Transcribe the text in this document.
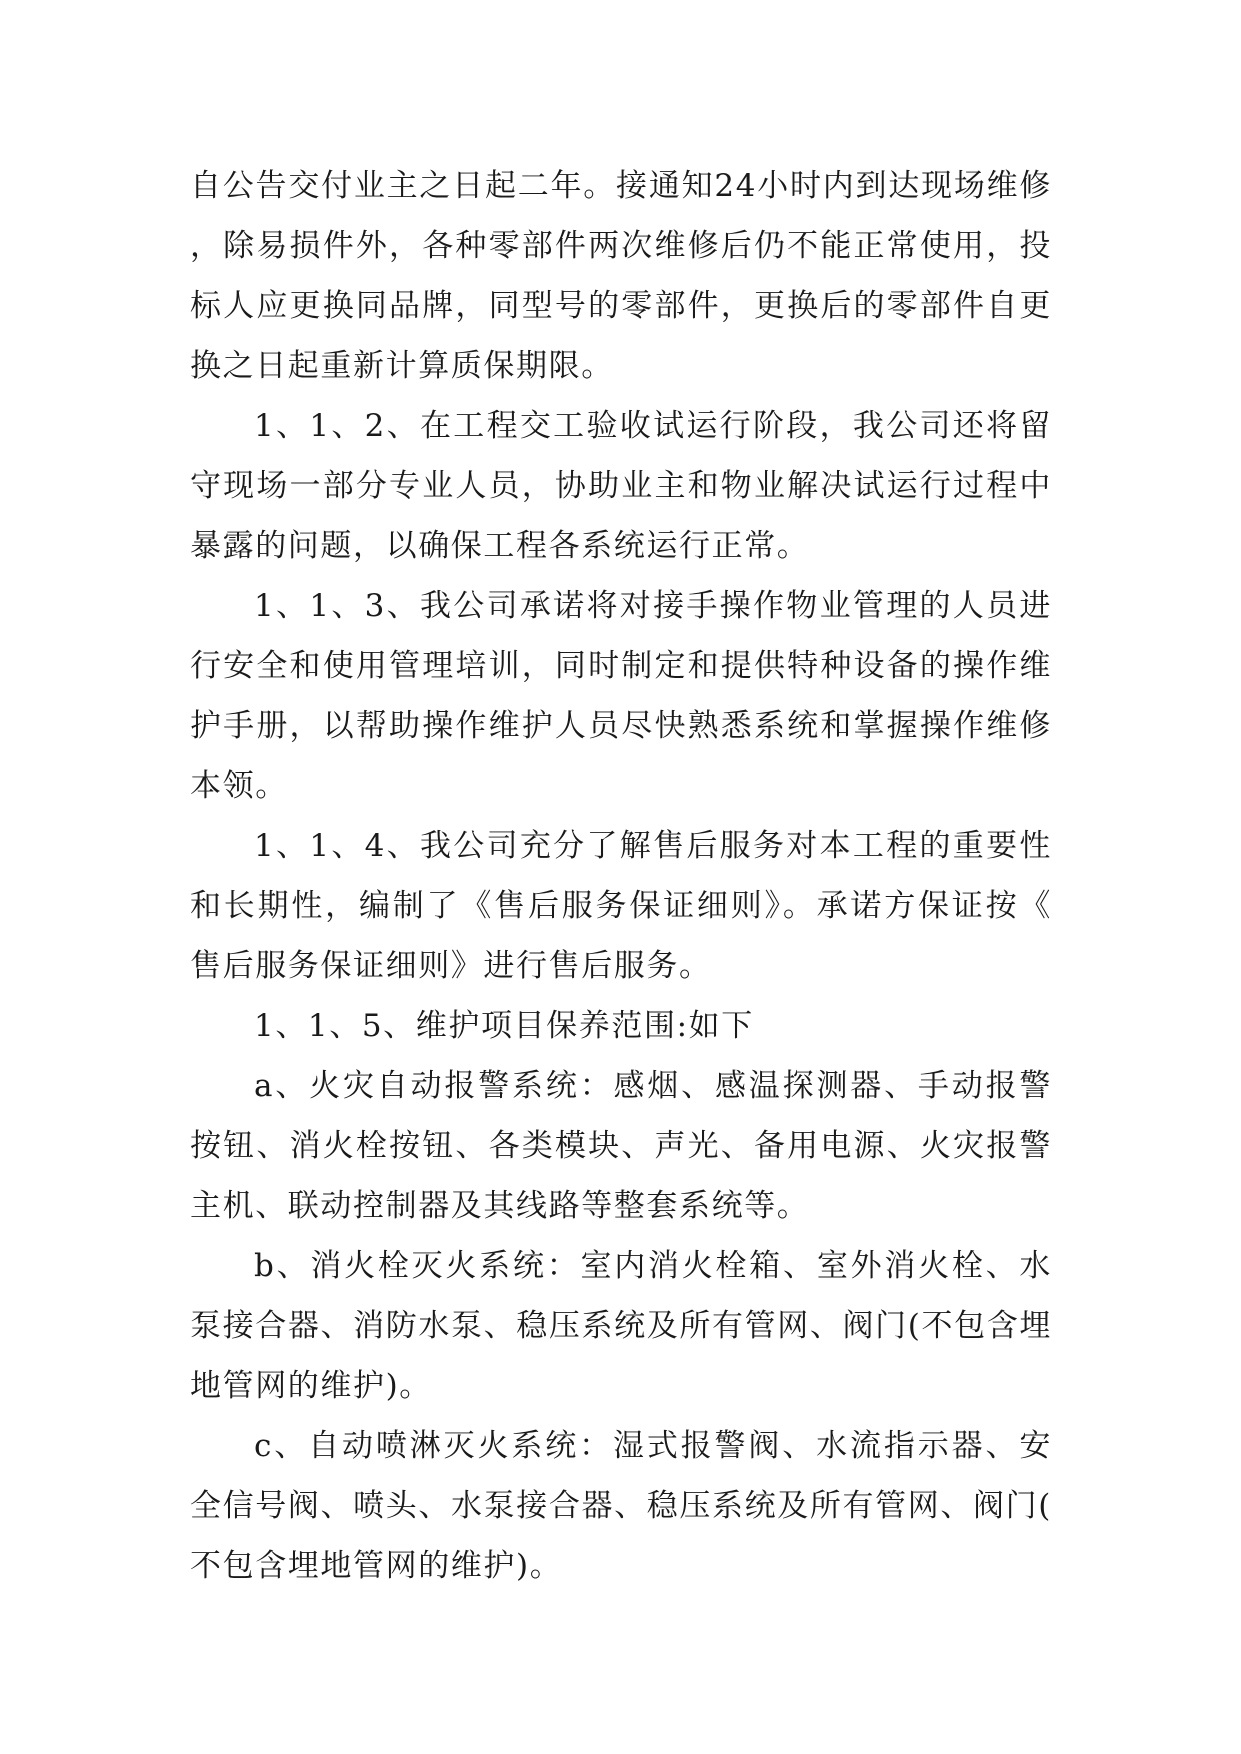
自公告交付业主之日起二年。接通知24小时内到达现场维修，除易损件外，各种零部件两次维修后仍不能正常使用，投标人应更换同品牌，同型号的零部件，更换后的零部件自更换之日起重新计算质保期限。

1、1、2、在工程交工验收试运行阶段，我公司还将留守现场一部分专业人员，协助业主和物业解决试运行过程中暴露的问题，以确保工程各系统运行正常。

1、1、3、我公司承诺将对接手操作物业管理的人员进行安全和使用管理培训，同时制定和提供特种设备的操作维护手册，以帮助操作维护人员尽快熟悉系统和掌握操作维修本领。

1、1、4、我公司充分了解售后服务对本工程的重要性和长期性，编制了《售后服务保证细则》。承诺方保证按《售后服务保证细则》进行售后服务。

1、1、5、维护项目保养范围:如下

a、火灾自动报警系统：感烟、感温探测器、手动报警按钮、消火栓按钮、各类模块、声光、备用电源、火灾报警主机、联动控制器及其线路等整套系统等。

b、消火栓灭火系统：室内消火栓箱、室外消火栓、水泵接合器、消防水泵、稳压系统及所有管网、阀门(不包含埋地管网的维护)。

c、自动喷淋灭火系统：湿式报警阀、水流指示器、安全信号阀、喷头、水泵接合器、稳压系统及所有管网、阀门(不包含埋地管网的维护)。
